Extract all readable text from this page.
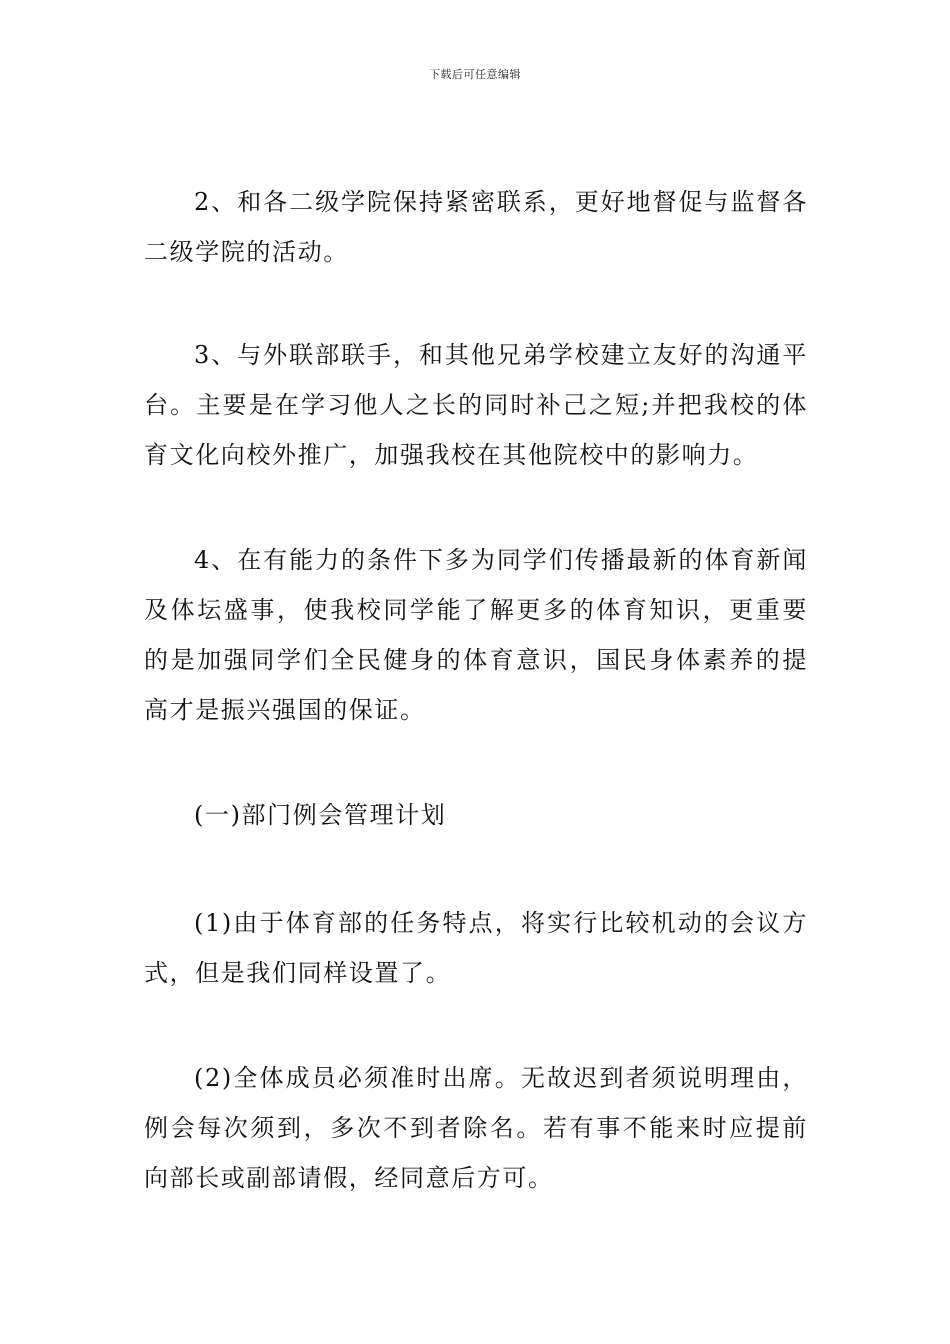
下载后可任意编辑

2、和各二级学院保持紧密联系，更好地督促与监督各二级学院的活动。

3、与外联部联手，和其他兄弟学校建立友好的沟通平台。主要是在学习他人之长的同时补己之短;并把我校的体育文化向校外推广，加强我校在其他院校中的影响力。

4、在有能力的条件下多为同学们传播最新的体育新闻及体坛盛事，使我校同学能了解更多的体育知识，更重要的是加强同学们全民健身的体育意识，国民身体素养的提高才是振兴强国的保证。

(一)部门例会管理计划

(1)由于体育部的任务特点，将实行比较机动的会议方式，但是我们同样设置了。

(2)全体成员必须准时出席。无故迟到者须说明理由，例会每次须到，多次不到者除名。若有事不能来时应提前向部长或副部请假，经同意后方可。
